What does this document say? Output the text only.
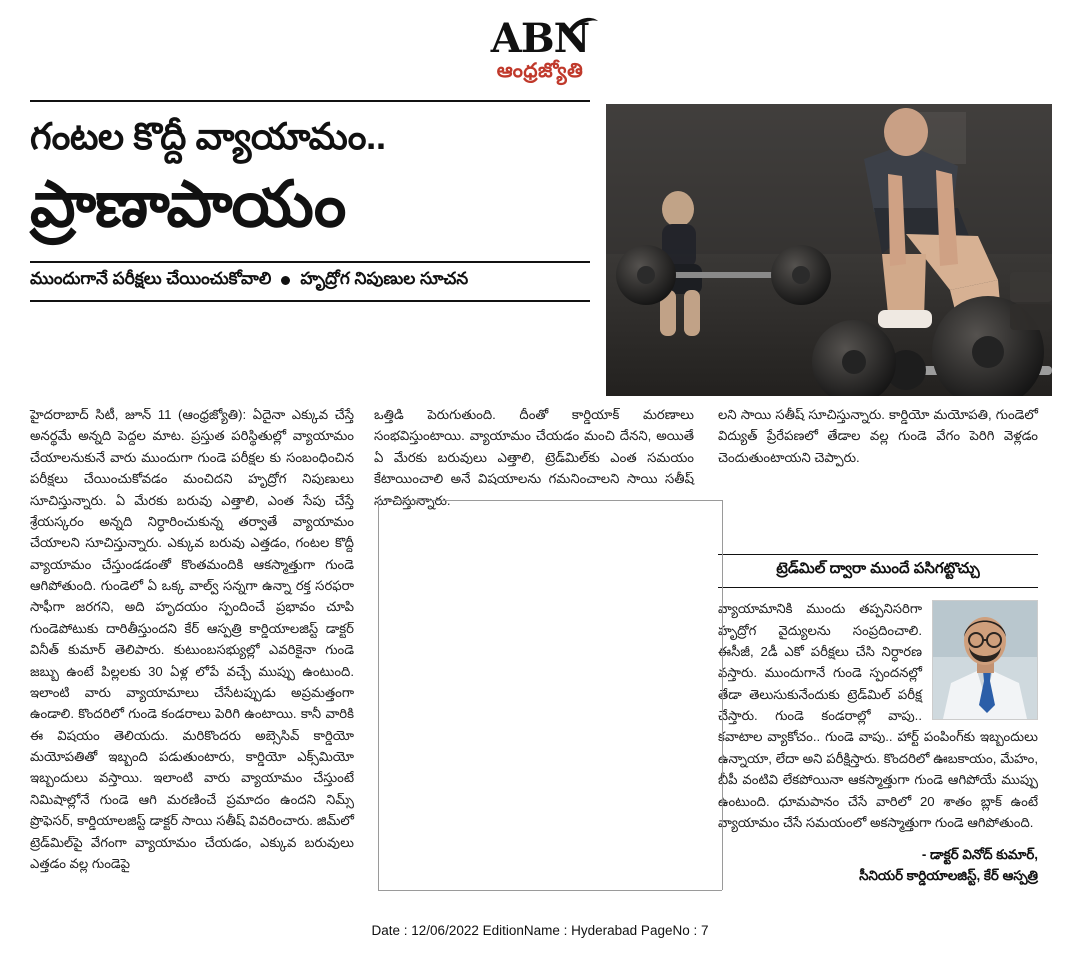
ABN
ఆంధ్రజ్యోతి
గంటల కొద్దీ వ్యాయామం..
ప్రాణాపాయం
ముందుగానే పరీక్షలు చేయించుకోవాలి హృద్రోగ నిపుణుల సూచన
హైదరాబాద్ సిటీ, జూన్ 11 (ఆంధ్రజ్యోతి): ఏదైనా ఎక్కువ చేస్తే అనర్థమే అన్నది పెద్దల మాట. ప్రస్తుత పరిస్థితుల్లో వ్యాయామం చేయాలనుకునే వారు ముందుగా గుండె పరీక్షల కు సంబంధించిన పరీక్షలు చేయించుకోవడం మంచిదని హృద్రోగ నిపుణులు సూచిస్తున్నారు. ఏ మేరకు బరువు ఎత్తాలి, ఎంత సేపు చేస్తే శ్రేయస్కరం అన్నది నిర్ధారించుకున్న తర్వాతే వ్యాయామం చేయాలని సూచిస్తున్నారు. ఎక్కువ బరువు ఎత్తడం, గంటల కొద్దీ వ్యాయామం చేస్తుండడంతో కొంతమందికి ఆకస్మాత్తుగా గుండె ఆగిపోతుంది. గుండెలో ఏ ఒక్క వాల్వ్ సన్నగా ఉన్నా రక్త సరఫరా సాఫీగా జరగని, అది హృదయం స్పందించే ప్రభావం చూపి గుండెపోటుకు దారితీస్తుందని కేర్ ఆస్పత్రి కార్డియాలజిస్ట్ డాక్టర్ వినీత్ కుమార్ తెలిపారు. కుటుంబసభ్యుల్లో ఎవరికైనా గుండె జబ్బు ఉంటే పిల్లలకు 30 ఏళ్ల లోపే వచ్చే ముప్పు ఉంటుంది. ఇలాంటి వారు వ్యాయామాలు చేసేటప్పుడు అప్రమత్తంగా ఉండాలి. కొందరిలో గుండె కండరాలు పెరిగి ఉంటాయి. కానీ వారికి ఈ విషయం తెలియదు. మరికొందరు అబ్సెసివ్ కార్డియో మయోపతితో ఇబ్బంది పడుతుంటారు, కార్డియో ఎక్స్‌మియో ఇబ్బందులు వస్తాయి. ఇలాంటి వారు వ్యాయామం చేస్తుంటే నిమిషాల్లోనే గుండె ఆగి మరణించే ప్రమాదం ఉందని నిమ్స్ ప్రొఫెసర్, కార్డియాలజిస్ట్ డాక్టర్ సాయి సతీష్ వివరించారు. జిమ్‌లో ట్రెడ్‌మిల్‌పై వేగంగా వ్యాయామం చేయడం, ఎక్కువ బరువులు ఎత్తడం వల్ల గుండెపై
ఒత్తిడి పెరుగుతుంది. దీంతో కార్డియాక్ మరణాలు సంభవిస్తుంటాయి. వ్యాయామం చేయడం మంచి దేనని, అయితే ఏ మేరకు బరువులు ఎత్తాలి, ట్రెడ్‌మిల్‌కు ఎంత సమయం కేటాయించాలి అనే విషయాలను గమనించాలని సాయి సతీష్ సూచిస్తున్నారు.
లని సాయి సతీష్ సూచిస్తున్నారు. కార్డియో మయోపతి, గుండెలో విద్యుత్ ప్రేరేపణలో తేడాల వల్ల గుండె వేగం పెరిగి వెళ్లడం చెందుతుంటాయని చెప్పారు.
ట్రెడ్‌మిల్ ద్వారా ముందే పసిగట్టొచ్చు
వ్యాయామానికి ముందు తప్పనిసరిగా హృద్రోగ వైద్యులను సంప్రదించాలి. ఈసీజీ, 2డీ ఎకో పరీక్షలు చేసి నిర్ధారణ వస్తారు. ముందుగానే గుండె స్పందనల్లో తేడా తెలుసుకునేందుకు ట్రెడ్‌మిల్ పరీక్ష చేస్తారు. గుండె కండరాల్లో వాపు.. కవాటాల వ్యాకోచం.. గుండె వాపు.. హార్ట్ పంపింగ్‌కు ఇబ్బందులు ఉన్నాయా, లేదా అని పరీక్షిస్తారు. కొందరిలో ఊబకాయం, మేహం, బీపీ వంటివి లేకపోయినా ఆకస్మాత్తుగా గుండె ఆగిపోయే ముప్పు ఉంటుంది. ధూమపానం చేసే వారిలో 20 శాతం బ్లాక్ ఉంటే వ్యాయామం చేసే సమయంలో అకస్మాత్తుగా గుండె ఆగిపోతుంది.
- డాక్టర్ వినోద్ కుమార్,
సీనియర్ కార్డియాలజిస్ట్, కేర్ ఆస్పత్రి
Date : 12/06/2022 EditionName : Hyderabad PageNo : 7
